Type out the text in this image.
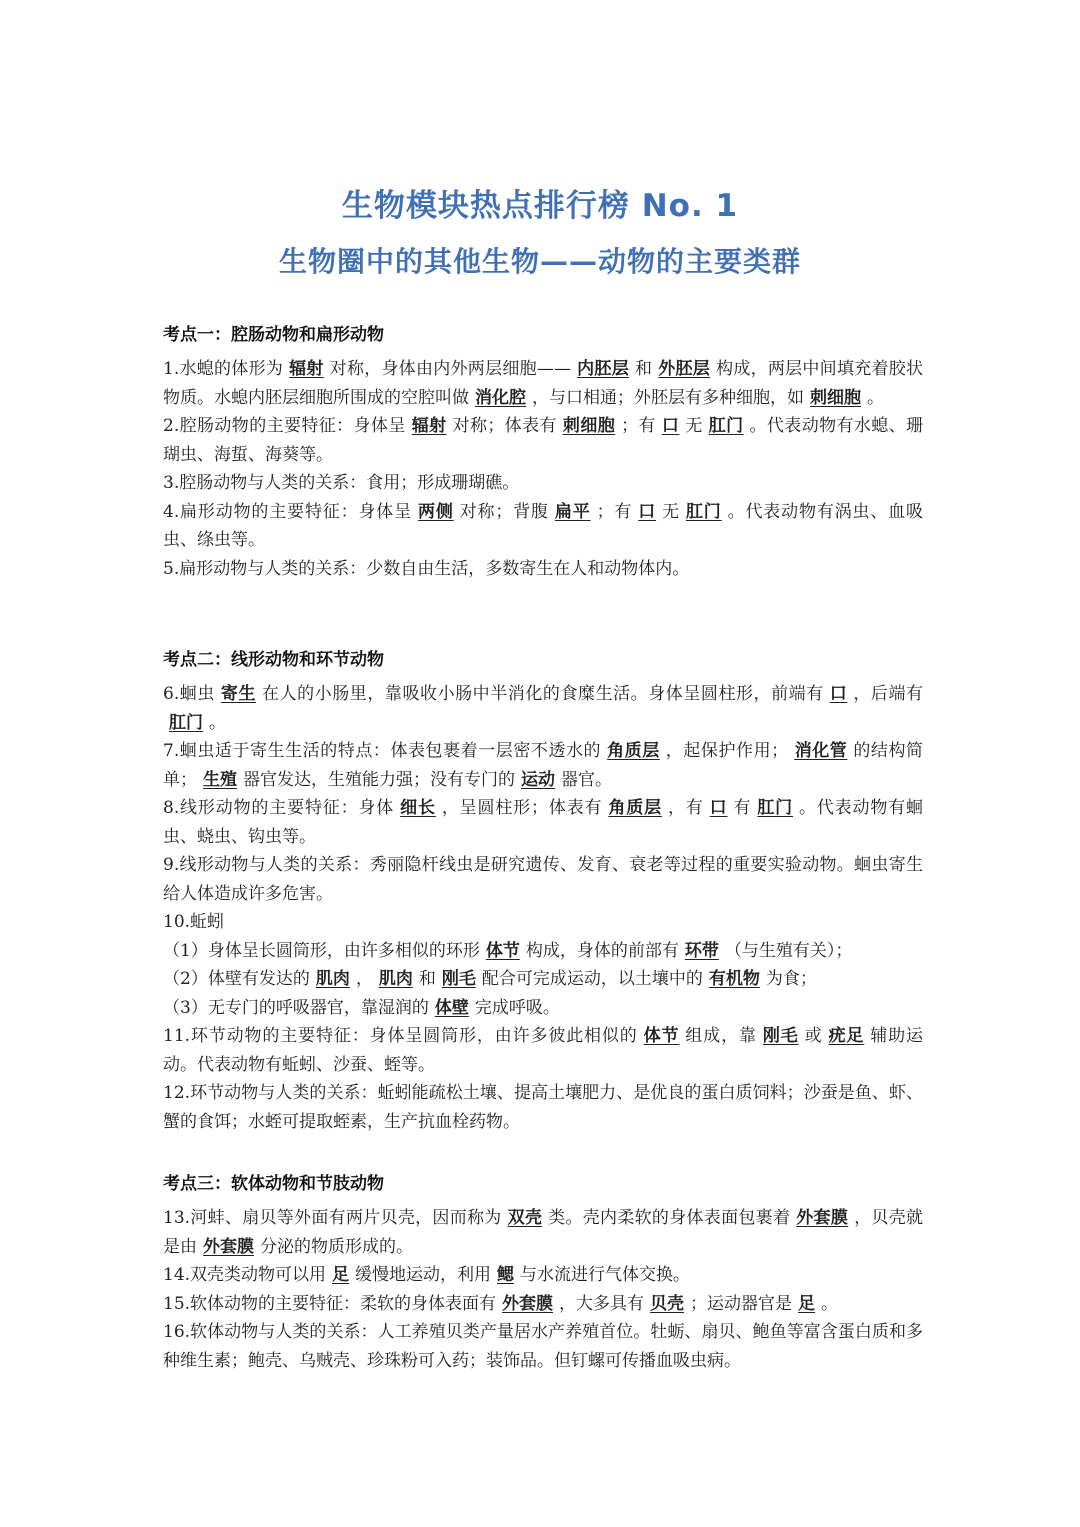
生物模块热点排行榜 No. 1
生物圈中的其他生物——动物的主要类群
考点一：腔肠动物和扁形动物

1.水螅的体形为 辐射 对称，身体由内外两层细胞—— 内胚层 和 外胚层 构成，两层中间填充着胶状物质。水螅内胚层细胞所围成的空腔叫做 消化腔 ，与口相通；外胚层有多种细胞，如 刺细胞 。

2.腔肠动物的主要特征：身体呈 辐射 对称；体表有 刺细胞 ；有 口 无 肛门 。代表动物有水螅、珊瑚虫、海蜇、海葵等。

3.腔肠动物与人类的关系：食用；形成珊瑚礁。

4.扁形动物的主要特征：身体呈 两侧 对称；背腹 扁平 ；有 口 无 肛门 。代表动物有涡虫、血吸虫、绦虫等。

5.扁形动物与人类的关系：少数自由生活，多数寄生在人和动物体内。

考点二：线形动物和环节动物

6.蛔虫 寄生 在人的小肠里，靠吸收小肠中半消化的食糜生活。身体呈圆柱形，前端有 口 ，后端有肛门 。

7.蛔虫适于寄生生活的特点：体表包裹着一层密不透水的 角质层 ，起保护作用； 消化管 的结构简单； 生殖 器官发达，生殖能力强；没有专门的 运动 器官。

8.线形动物的主要特征：身体 细长 ，呈圆柱形；体表有 角质层 ，有 口 有 肛门 。代表动物有蛔虫、蛲虫、钩虫等。

9.线形动物与人类的关系：秀丽隐杆线虫是研究遗传、发育、衰老等过程的重要实验动物。蛔虫寄生给人体造成许多危害。

10.蚯蚓

（1）身体呈长圆筒形，由许多相似的环形 体节 构成，身体的前部有 环带 （与生殖有关）；

（2）体壁有发达的 肌肉 ， 肌肉 和 刚毛 配合可完成运动，以土壤中的 有机物 为食；

（3）无专门的呼吸器官，靠湿润的 体壁 完成呼吸。

11.环节动物的主要特征：身体呈圆筒形，由许多彼此相似的 体节 组成，靠 刚毛 或 疣足 辅助运动。代表动物有蚯蚓、沙蚕、蛭等。

12.环节动物与人类的关系：蚯蚓能疏松土壤、提高土壤肥力、是优良的蛋白质饲料；沙蚕是鱼、虾、蟹的食饵；水蛭可提取蛭素，生产抗血栓药物。

考点三：软体动物和节肢动物

13.河蚌、扇贝等外面有两片贝壳，因而称为 双壳 类。壳内柔软的身体表面包裹着 外套膜 ，贝壳就是由 外套膜 分泌的物质形成的。

14.双壳类动物可以用 足 缓慢地运动，利用 鳃 与水流进行气体交换。

15.软体动物的主要特征：柔软的身体表面有 外套膜 ，大多具有 贝壳 ；运动器官是 足 。

16.软体动物与人类的关系：人工养殖贝类产量居水产养殖首位。牡蛎、扇贝、鲍鱼等富含蛋白质和多种维生素；鲍壳、乌贼壳、珍珠粉可入药；装饰品。但钉螺可传播血吸虫病。
